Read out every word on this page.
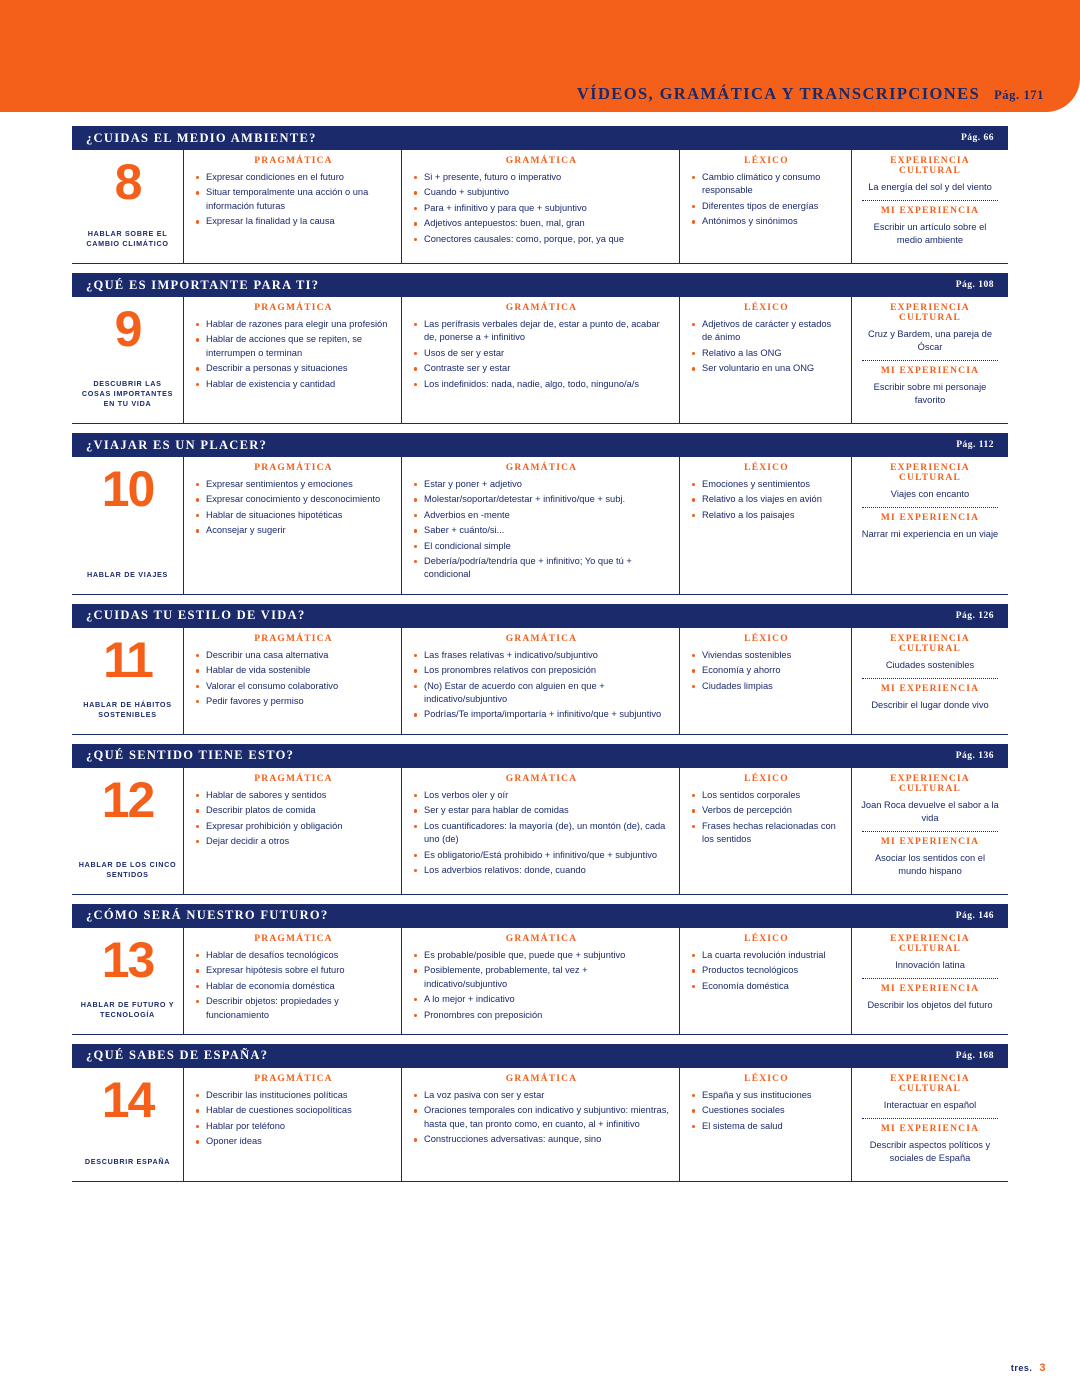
VÍDEOS, GRAMÁTICA Y TRANSCRIPCIONES Pág. 171
¿CUIDAS EL MEDIO AMBIENTE?	Pág. 66
8
HABLAR SOBRE EL CAMBIO CLIMÁTICO
PRAGMÁTICA
Expresar condiciones en el futuro
Situar temporalmente una acción o una información futuras
Expresar la finalidad y la causa
GRAMÁTICA
Si + presente, futuro o imperativo
Cuando + subjuntivo
Para + infinitivo y para que + subjuntivo
Adjetivos antepuestos: buen, mal, gran
Conectores causales: como, porque, por, ya que
LÉXICO
Cambio climático y consumo responsable
Diferentes tipos de energías
Antónimos y sinónimos
EXPERIENCIA CULTURAL
La energía del sol y del viento
MI EXPERIENCIA
Escribir un artículo sobre el medio ambiente
¿QUÉ ES IMPORTANTE PARA TI?	Pág. 108
9
DESCUBRIR LAS COSAS IMPORTANTES EN TU VIDA
PRAGMÁTICA
Hablar de razones para elegir una profesión
Hablar de acciones que se repiten, se interrumpen o terminan
Describir a personas y situaciones
Hablar de existencia y cantidad
GRAMÁTICA
Las perífrasis verbales dejar de, estar a punto de, acabar de, ponerse a + infinitivo
Usos de ser y estar
Contraste ser y estar
Los indefinidos: nada, nadie, algo, todo, ninguno/a/s
LÉXICO
Adjetivos de carácter y estados de ánimo
Relativo a las ONG
Ser voluntario en una ONG
EXPERIENCIA CULTURAL
Cruz y Bardem, una pareja de Óscar
MI EXPERIENCIA
Escribir sobre mi personaje favorito
¿VIAJAR ES UN PLACER?	Pág. 112
10
HABLAR DE VIAJES
PRAGMÁTICA
Expresar sentimientos y emociones
Expresar conocimiento y desconocimiento
Hablar de situaciones hipotéticas
Aconsejar y sugerir
GRAMÁTICA
Estar y poner + adjetivo
Molestar/soportar/detestar + infinitivo/que + subj.
Adverbios en -mente
Saber + cuánto/si...
El condicional simple
Debería/podría/tendría que + infinitivo; Yo que tú + condicional
LÉXICO
Emociones y sentimientos
Relativo a los viajes en avión
Relativo a los paisajes
EXPERIENCIA CULTURAL
Viajes con encanto
MI EXPERIENCIA
Narrar mi experiencia en un viaje
¿CUIDAS TU ESTILO DE VIDA?	Pág. 126
11
HABLAR DE HÁBITOS SOSTENIBLES
PRAGMÁTICA
Describir una casa alternativa
Hablar de vida sostenible
Valorar el consumo colaborativo
Pedir favores y permiso
GRAMÁTICA
Las frases relativas + indicativo/subjuntivo
Los pronombres relativos con preposición
(No) Estar de acuerdo con alguien en que + indicativo/subjuntivo
Podrías/Te importa/importaría + infinitivo/que + subjuntivo
LÉXICO
Viviendas sostenibles
Economía y ahorro
Ciudades limpias
EXPERIENCIA CULTURAL
Ciudades sostenibles
MI EXPERIENCIA
Describir el lugar donde vivo
¿QUÉ SENTIDO TIENE ESTO?	Pág. 136
12
HABLAR DE LOS CINCO SENTIDOS
PRAGMÁTICA
Hablar de sabores y sentidos
Describir platos de comida
Expresar prohibición y obligación
Dejar decidir a otros
GRAMÁTICA
Los verbos oler y oír
Ser y estar para hablar de comidas
Los cuantificadores: la mayoría (de), un montón (de), cada uno (de)
Es obligatorio/Está prohibido + infinitivo/que + subjuntivo
Los adverbios relativos: donde, cuando
LÉXICO
Los sentidos corporales
Verbos de percepción
Frases hechas relacionadas con los sentidos
EXPERIENCIA CULTURAL
Joan Roca devuelve el sabor a la vida
MI EXPERIENCIA
Asociar los sentidos con el mundo hispano
¿CÓMO SERÁ NUESTRO FUTURO?	Pág. 146
13
HABLAR DE FUTURO Y TECNOLOGÍA
PRAGMÁTICA
Hablar de desafíos tecnológicos
Expresar hipótesis sobre el futuro
Hablar de economía doméstica
Describir objetos: propiedades y funcionamiento
GRAMÁTICA
Es probable/posible que, puede que + subjuntivo
Posiblemente, probablemente, tal vez + indicativo/subjuntivo
A lo mejor + indicativo
Pronombres con preposición
LÉXICO
La cuarta revolución industrial
Productos tecnológicos
Economía doméstica
EXPERIENCIA CULTURAL
Innovación latina
MI EXPERIENCIA
Describir los objetos del futuro
¿QUÉ SABES DE ESPAÑA?	Pág. 168
14
DESCUBRIR ESPAÑA
PRAGMÁTICA
Describir las instituciones políticas
Hablar de cuestiones sociopolíticas
Hablar por teléfono
Oponer ideas
GRAMÁTICA
La voz pasiva con ser y estar
Oraciones temporales con indicativo y subjuntivo: mientras, hasta que, tan pronto como, en cuanto, al + infinitivo
Construcciones adversativas: aunque, sino
LÉXICO
España y sus instituciones
Cuestiones sociales
El sistema de salud
EXPERIENCIA CULTURAL
Interactuar en español
MI EXPERIENCIA
Describir aspectos políticos y sociales de España
tres. 3
